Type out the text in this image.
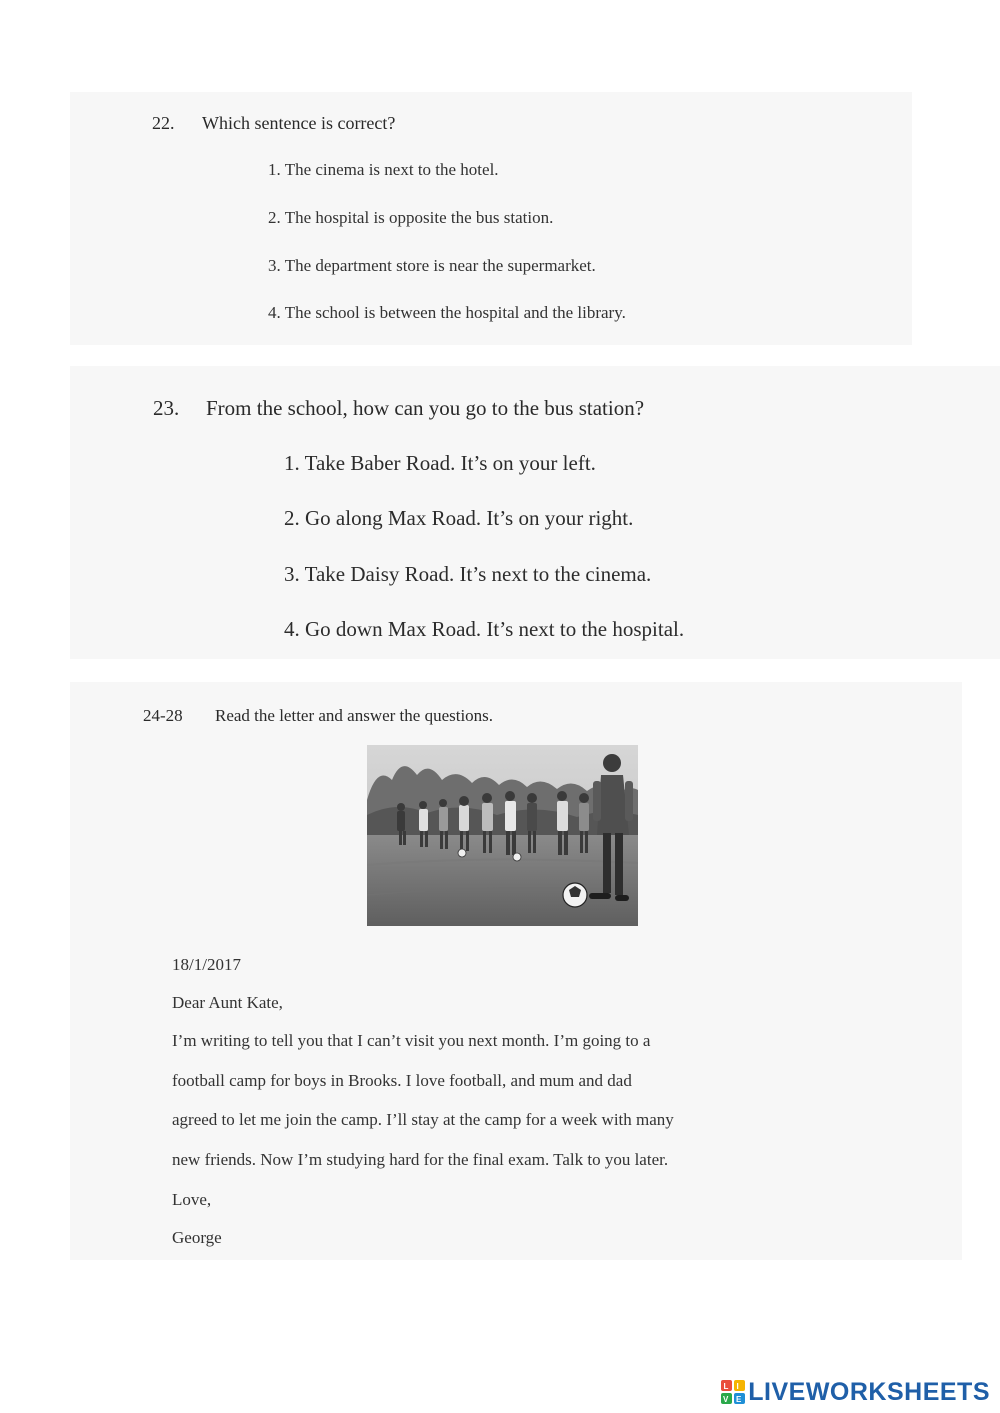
22. Which sentence is correct?
1. The cinema is next to the hotel.
2. The hospital is opposite the bus station.
3. The department store is near the supermarket.
4. The school is between the hospital and the library.
23. From the school, how can you go to the bus station?
1. Take Baber Road. It’s on your left.
2. Go along Max Road. It’s on your right.
3. Take Daisy Road. It’s next to the cinema.
4. Go down Max Road. It’s next to the hospital.
24-28 Read the letter and answer the questions.
18/1/2017
Dear Aunt Kate,
I’m writing to tell you that I can’t visit you next month. I’m going to a
football camp for boys in Brooks. I love football, and mum and dad
agreed to let me join the camp. I’ll stay at the camp for a week with many
new friends. Now I’m studying hard for the final exam. Talk to you later.
Love,
George
L I
V E LIVEWORKSHEETS
